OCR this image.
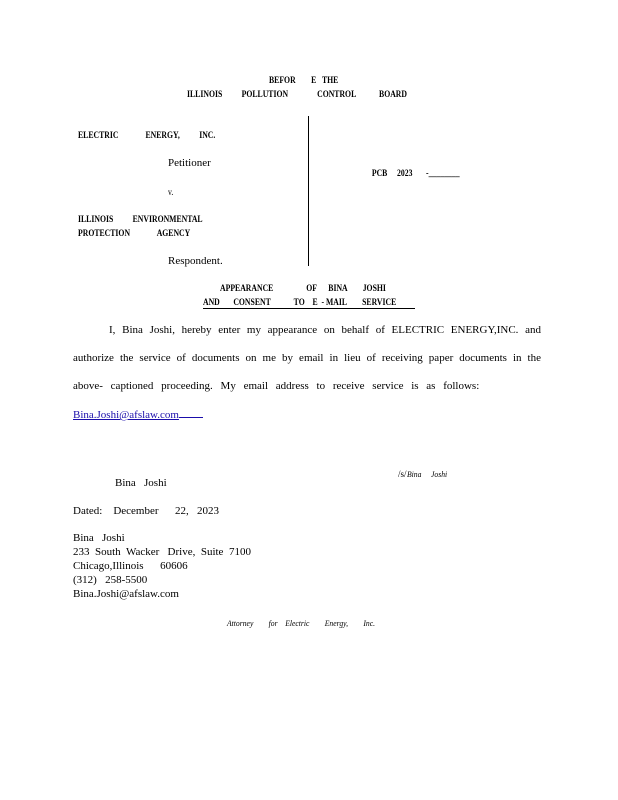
BEFOR        E   THE
ILLINOIS          POLLUTION               CONTROL            BOARD
ELECTRIC              ENERGY,          INC.
Petitioner
v.
ILLINOIS          ENVIRONMENTAL
PROTECTION              AGENCY
Respondent.

PCB     2023       -________

APPEARANCE                 OF      BINA        JOSHI
AND       CONSENT            TO    E  - MAIL        SERVICE
I, Bina Joshi, hereby enter my appearance on behalf of ELECTRIC ENERGY,INC. and
authorize the service of documents on me by email in lieu of receiving paper documents in the
above- captioned proceeding. My email address to receive service is as follows:
Bina.Joshi@afslaw.com
/s/Bina     Joshi
Bina   Joshi
Dated:    December      22,   2023
Bina   Joshi
233  South  Wacker   Drive,  Suite  7100
Chicago,Illinois      60606
(312)   258-5500
Bina.Joshi@afslaw.com
Attorney        for    Electric        Energy,        Inc.
